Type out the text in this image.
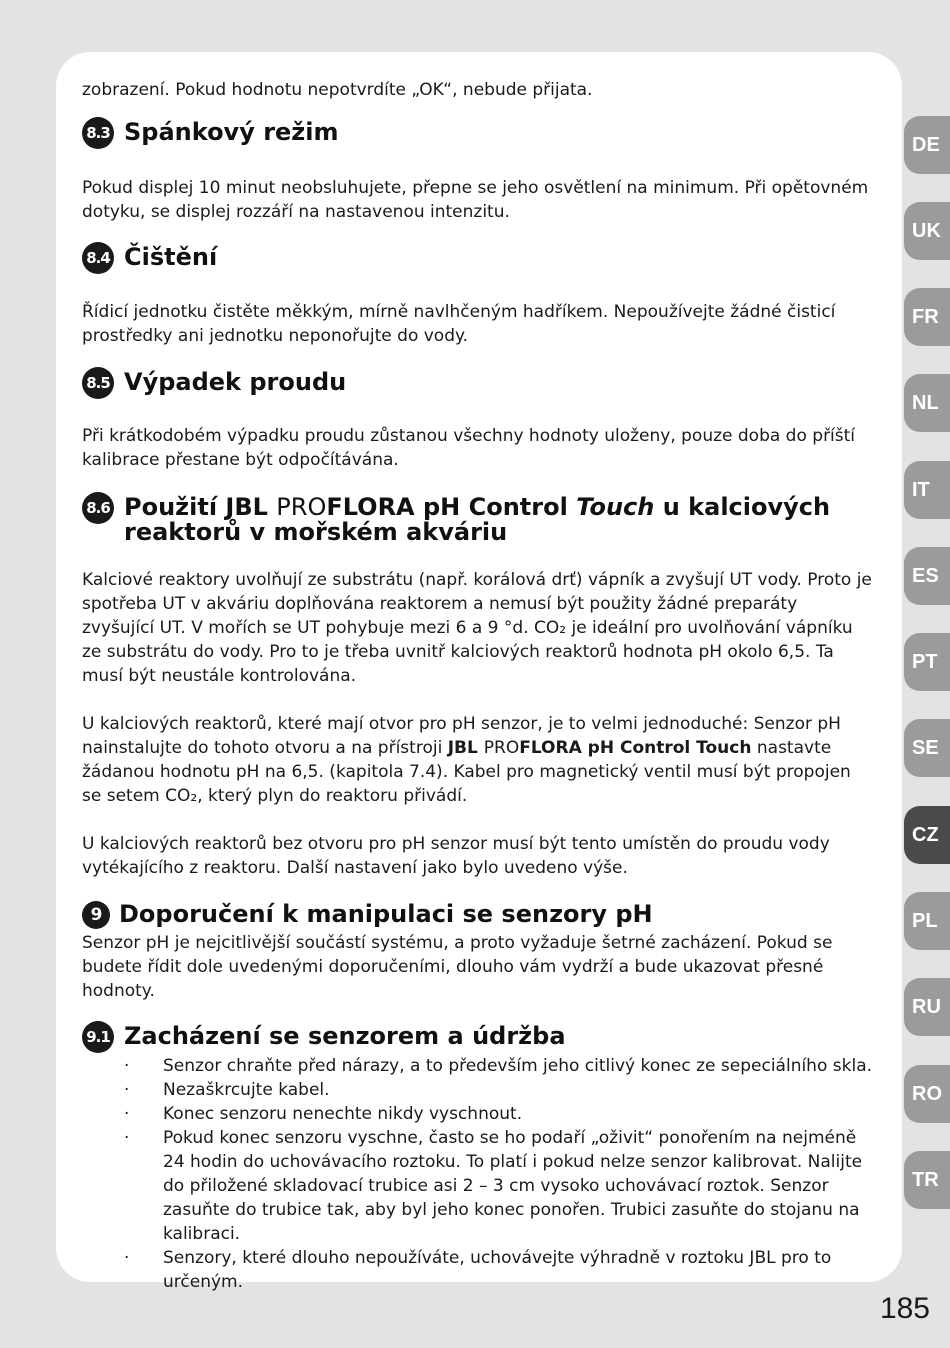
zobrazení. Pokud hodnotu nepotvrdíte „OK“, nebude přijata.

8.3 Spánkový režim

Pokud displej 10 minut neobsluhujete, přepne se jeho osvětlení na minimum. Při opětovném dotyku, se displej rozzáří na nastavenou intenzitu.

8.4 Čištění

Řídicí jednotku čistěte měkkým, mírně navlhčeným hadříkem. Nepoužívejte žádné čisticí prostředky ani jednotku neponořujte do vody.

8.5 Výpadek proudu

Při krátkodobém výpadku proudu zůstanou všechny hodnoty uloženy, pouze doba do příští kalibrace přestane být odpočítávána.

8.6 Použití JBL PROFLORA pH Control Touch u kalciových reaktorů v mořském akváriu

Kalciové reaktory uvolňují ze substrátu (např. korálová drť) vápník a zvyšují UT vody. Proto je spotřeba UT v akváriu doplňována reaktorem a nemusí být použity žádné preparáty zvyšující UT. V mořích se UT pohybuje mezi 6 a 9 °d. CO₂ je ideální pro uvolňování vápníku ze substrátu do vody. Pro to je třeba uvnitř kalciových reaktorů hodnota pH okolo 6,5. Ta musí být neustále kontrolována.

U kalciových reaktorů, které mají otvor pro pH senzor, je to velmi jednoduché: Senzor pH nainstalujte do tohoto otvoru a na přístroji JBL PROFLORA pH Control Touch nastavte žádanou hodnotu pH na 6,5. (kapitola 7.4). Kabel pro magnetický ventil musí být propojen se setem CO₂, který plyn do reaktoru přivádí.

U kalciových reaktorů bez otvoru pro pH senzor musí být tento umístěn do proudu vody vytékajícího z reaktoru. Další nastavení jako bylo uvedeno výše.

9 Doporučení k manipulaci se senzory pH

Senzor pH je nejcitlivější součástí systému, a proto vyžaduje šetrné zacházení. Pokud se budete řídit dole uvedenými doporučeními, dlouho vám vydrží a bude ukazovat přesné hodnoty.

9.1 Zacházení se senzorem a údržba
· Senzor chraňte před nárazy, a to především jeho citlivý konec ze sepeciálního skla.
· Nezaškrcujte kabel.
· Konec senzoru nenechte nikdy vyschnout.
· Pokud konec senzoru vyschne, často se ho podaří „oživit“ ponořením na nejméně 24 hodin do uchovávacího roztoku. To platí i pokud nelze senzor kalibrovat. Nalijte do přiložené skladovací trubice asi 2 – 3 cm vysoko uchovávací roztok. Senzor zasuňte do trubice tak, aby byl jeho konec ponořen. Trubici zasuňte do stojanu na kalibraci.
· Senzory, které dlouho nepoužíváte, uchovávejte výhradně v roztoku JBL pro to určeným.
DE
UK
FR
NL
IT
ES
PT
SE
CZ
PL
RU
RO
TR
185
